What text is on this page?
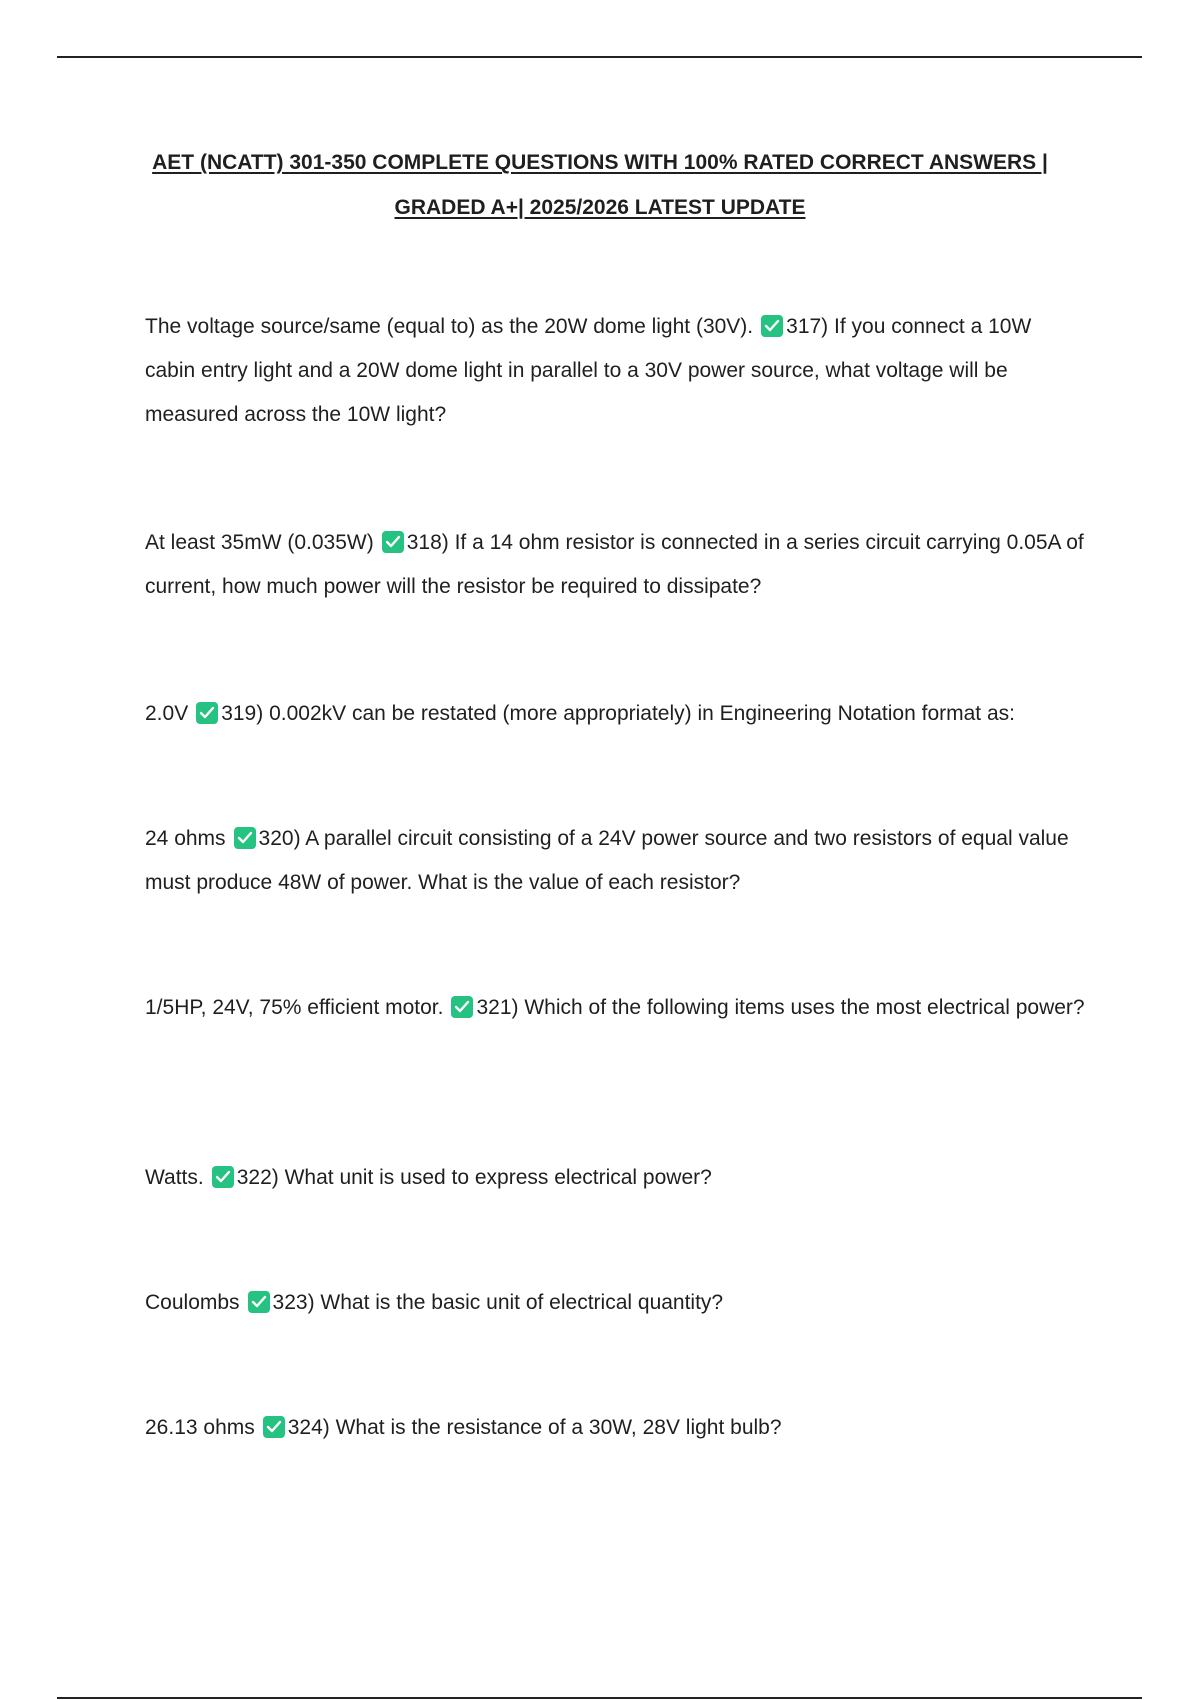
AET (NCATT) 301-350 COMPLETE QUESTIONS WITH 100% RATED CORRECT ANSWERS |
GRADED A+| 2025/2026 LATEST UPDATE

The voltage source/same (equal to) as the 20W dome light (30V). 317) If you connect a 10W cabin entry light and a 20W dome light in parallel to a 30V power source, what voltage will be measured across the 10W light?

At least 35mW (0.035W) 318) If a 14 ohm resistor is connected in a series circuit carrying 0.05A of current, how much power will the resistor be required to dissipate?

2.0V 319) 0.002kV can be restated (more appropriately) in Engineering Notation format as:

24 ohms 320) A parallel circuit consisting of a 24V power source and two resistors of equal value must produce 48W of power. What is the value of each resistor?

1/5HP, 24V, 75% efficient motor. 321) Which of the following items uses the most electrical power?

Watts. 322) What unit is used to express electrical power?

Coulombs 323) What is the basic unit of electrical quantity?

26.13 ohms 324) What is the resistance of a 30W, 28V light bulb?
